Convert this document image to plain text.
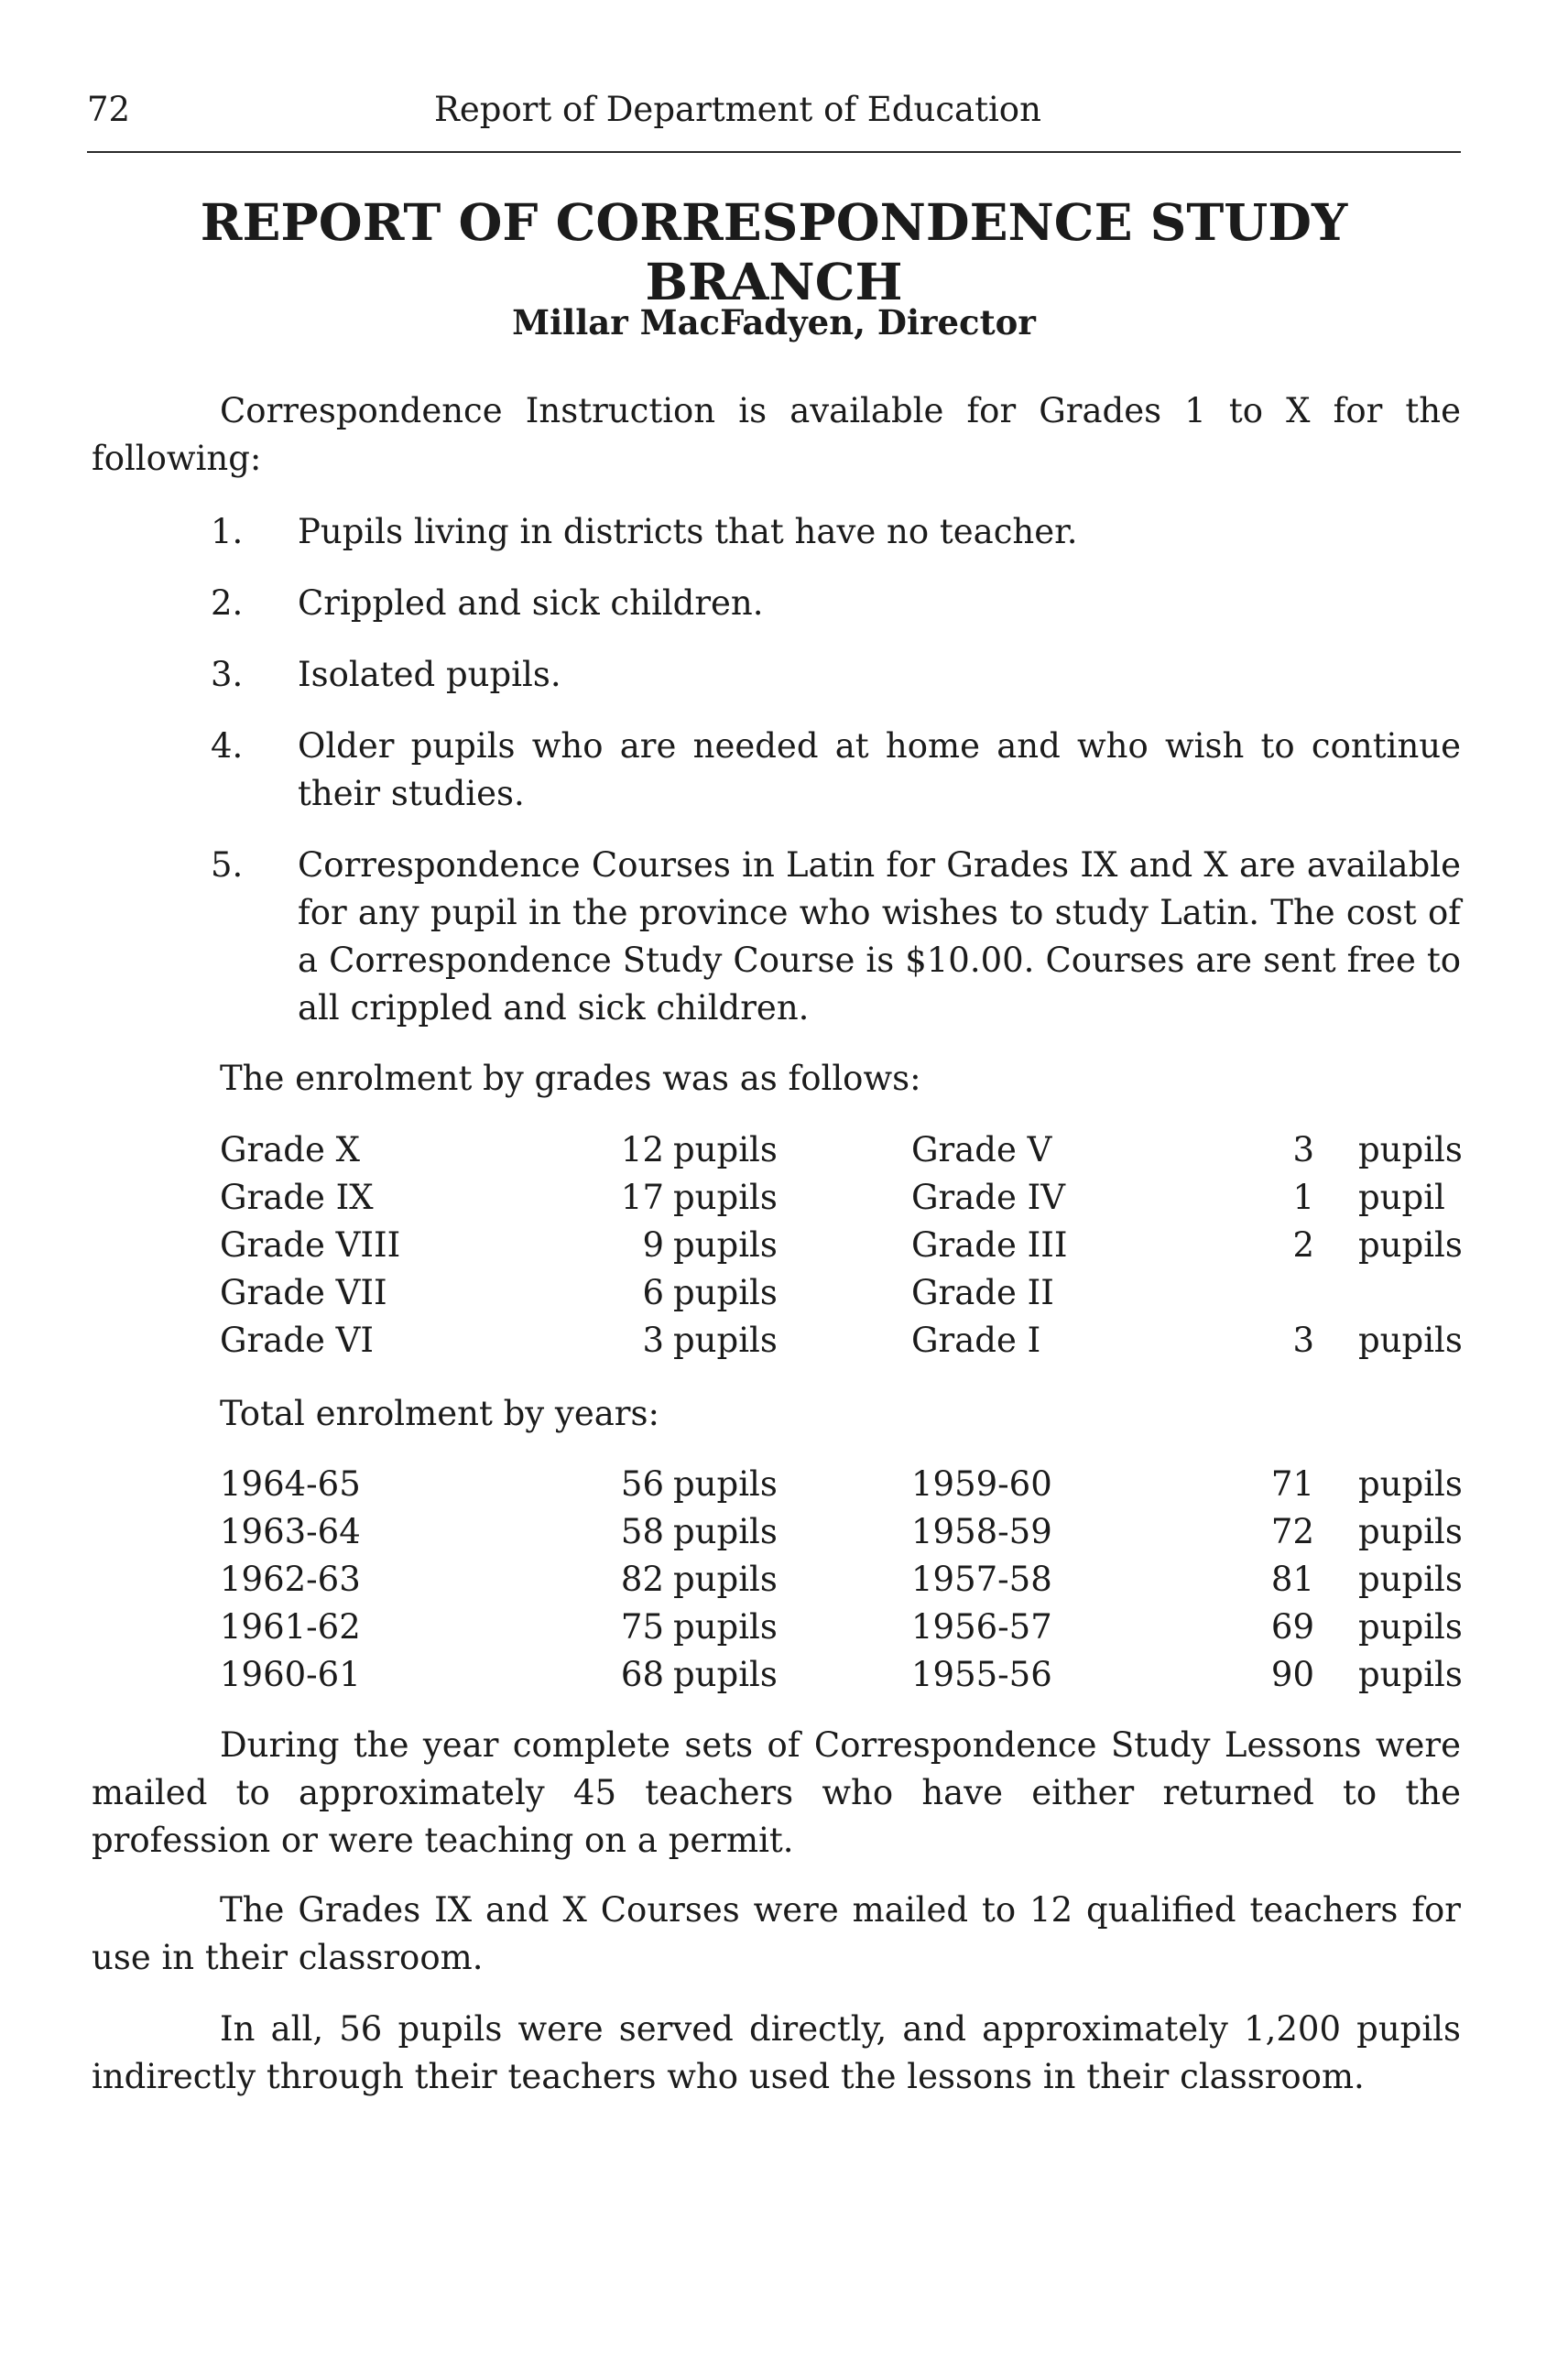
72	Report of Department of Education
REPORT OF CORRESPONDENCE STUDY BRANCH
Millar MacFadyen, Director

Correspondence Instruction is available for Grades 1 to X for the following:

1. Pupils living in districts that have no teacher.
2. Crippled and sick children.
3. Isolated pupils.
4. Older pupils who are needed at home and who wish to continue their studies.
5. Correspondence Courses in Latin for Grades IX and X are available for any pupil in the province who wishes to study Latin. The cost of a Correspondence Study Course is $10.00. Courses are sent free to all crippled and sick children.

The enrolment by grades was as follows:

Grade X	12 pupils	Grade V	3 pupils
Grade IX	17 pupils	Grade IV	1 pupil
Grade VIII	9 pupils	Grade III	2 pupils
Grade VII	6 pupils	Grade II
Grade VI	3 pupils	Grade I	3 pupils

Total enrolment by years:

1964-65	56 pupils	1959-60	71 pupils
1963-64	58 pupils	1958-59	72 pupils
1962-63	82 pupils	1957-58	81 pupils
1961-62	75 pupils	1956-57	69 pupils
1960-61	68 pupils	1955-56	90 pupils

During the year complete sets of Correspondence Study Lessons were mailed to approximately 45 teachers who have either returned to the profession or were teaching on a permit.

The Grades IX and X Courses were mailed to 12 qualified teachers for use in their classroom.

In all, 56 pupils were served directly, and approximately 1,200 pupils indirectly through their teachers who used the lessons in their classroom.
